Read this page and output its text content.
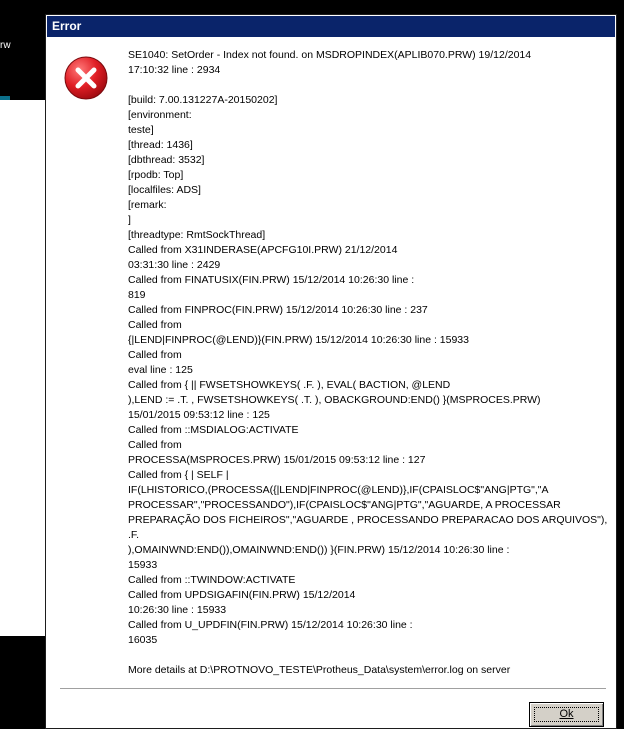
rw
Error
SE1040: SetOrder - Index not found. on MSDROPINDEX(APLIB070.PRW) 19/12/2014
17:10:32 line : 2934

[build: 7.00.131227A-20150202]
[environment:
teste]
[thread: 1436]
[dbthread: 3532]
[rpodb: Top]
[localfiles: ADS]
[remark:
]
[threadtype: RmtSockThread]
Called from X31INDERASE(APCFG10I.PRW) 21/12/2014
03:31:30 line : 2429
Called from FINATUSIX(FIN.PRW) 15/12/2014 10:26:30 line :
819
Called from FINPROC(FIN.PRW) 15/12/2014 10:26:30 line : 237
Called from
{|LEND|FINPROC(@LEND)}(FIN.PRW) 15/12/2014 10:26:30 line : 15933
Called from
eval line : 125
Called from { || FWSETSHOWKEYS( .F. ), EVAL( BACTION, @LEND
),LEND := .T. , FWSETSHOWKEYS( .T. ), OBACKGROUND:END() }(MSPROCES.PRW)
15/01/2015 09:53:12 line : 125
Called from ::MSDIALOG:ACTIVATE
Called from
PROCESSA(MSPROCES.PRW) 15/01/2015 09:53:12 line : 127
Called from { | SELF |
IF(LHISTORICO,(PROCESSA({|LEND|FINPROC(@LEND)},IF(CPAISLOC$"ANG|PTG","A
PROCESSAR","PROCESSANDO"),IF(CPAISLOC$"ANG|PTG","AGUARDE, A PROCESSAR
PREPARAÇÃO DOS FICHEIROS","AGUARDE , PROCESSANDO PREPARACAO DOS ARQUIVOS"), .F.
),OMAINWND:END()),OMAINWND:END()) }(FIN.PRW) 15/12/2014 10:26:30 line :
15933
Called from ::TWINDOW:ACTIVATE
Called from UPDSIGAFIN(FIN.PRW) 15/12/2014
10:26:30 line : 15933
Called from U_UPDFIN(FIN.PRW) 15/12/2014 10:26:30 line :
16035
More details at D:\PROTNOVO_TESTE\Protheus_Data\system\error.log on server
Ok
